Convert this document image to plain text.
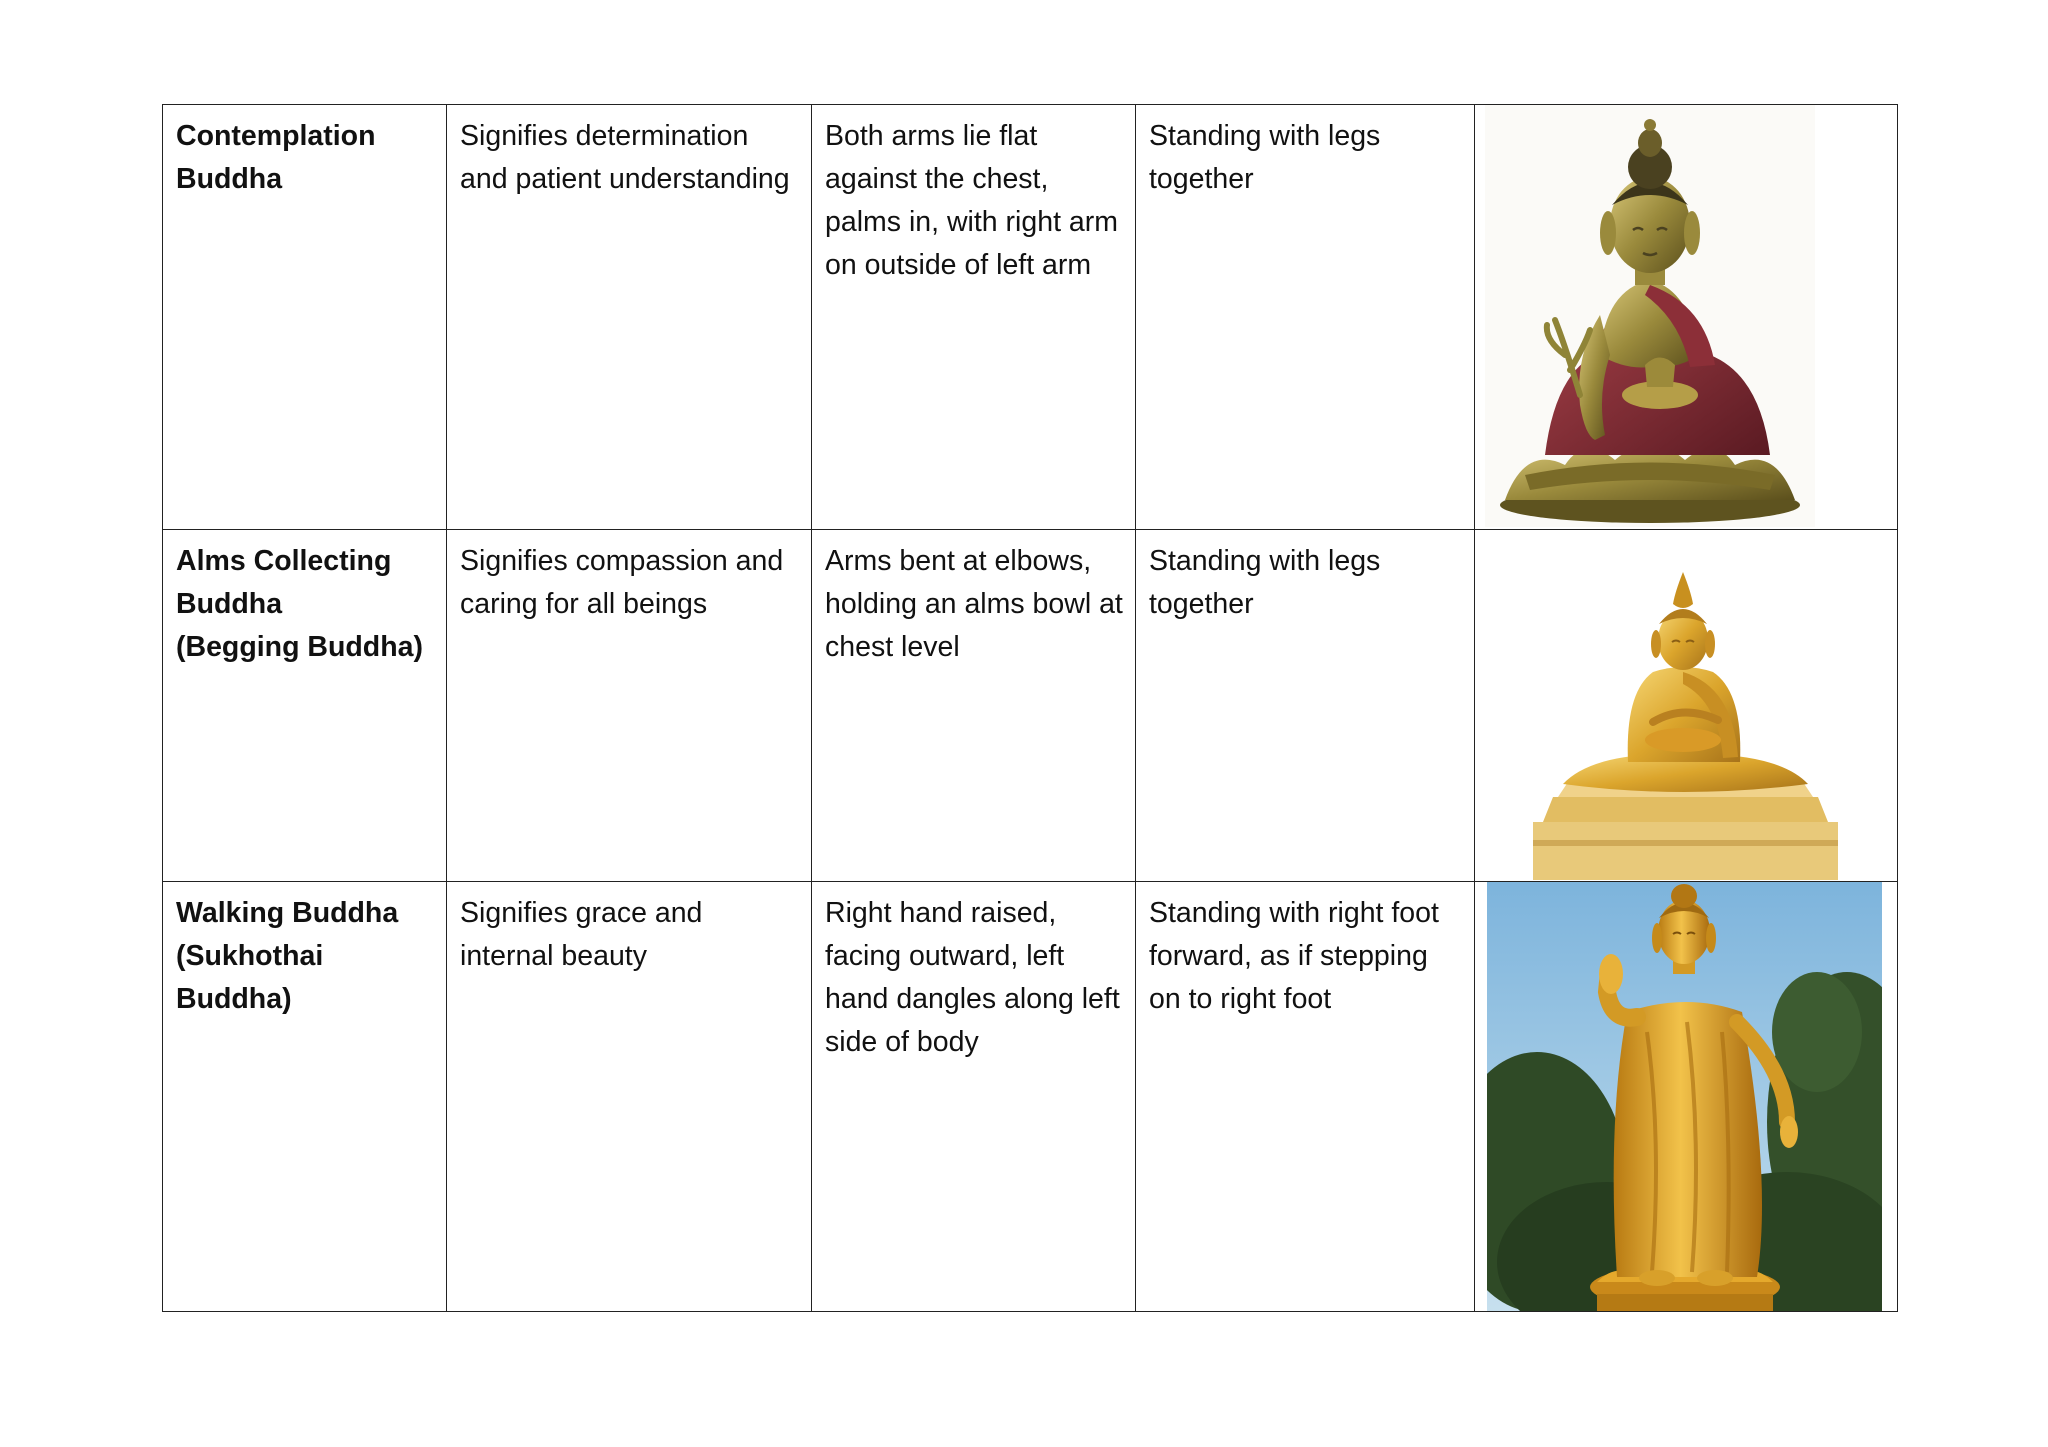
Contemplation
Buddha	Signifies determination
and patient understanding	Both arms lie flat
against the chest,
palms in, with right arm
on outside of left arm	Standing with legs
together

Alms Collecting
Buddha
(Begging Buddha)	Signifies compassion and
caring for all beings	Arms bent at elbows,
holding an alms bowl at
chest level	Standing with legs
together

Walking Buddha
(Sukhothai
Buddha)	Signifies grace and
internal beauty	Right hand raised,
facing outward, left
hand dangles along left
side of body	Standing with right foot
forward, as if stepping
on to right foot
